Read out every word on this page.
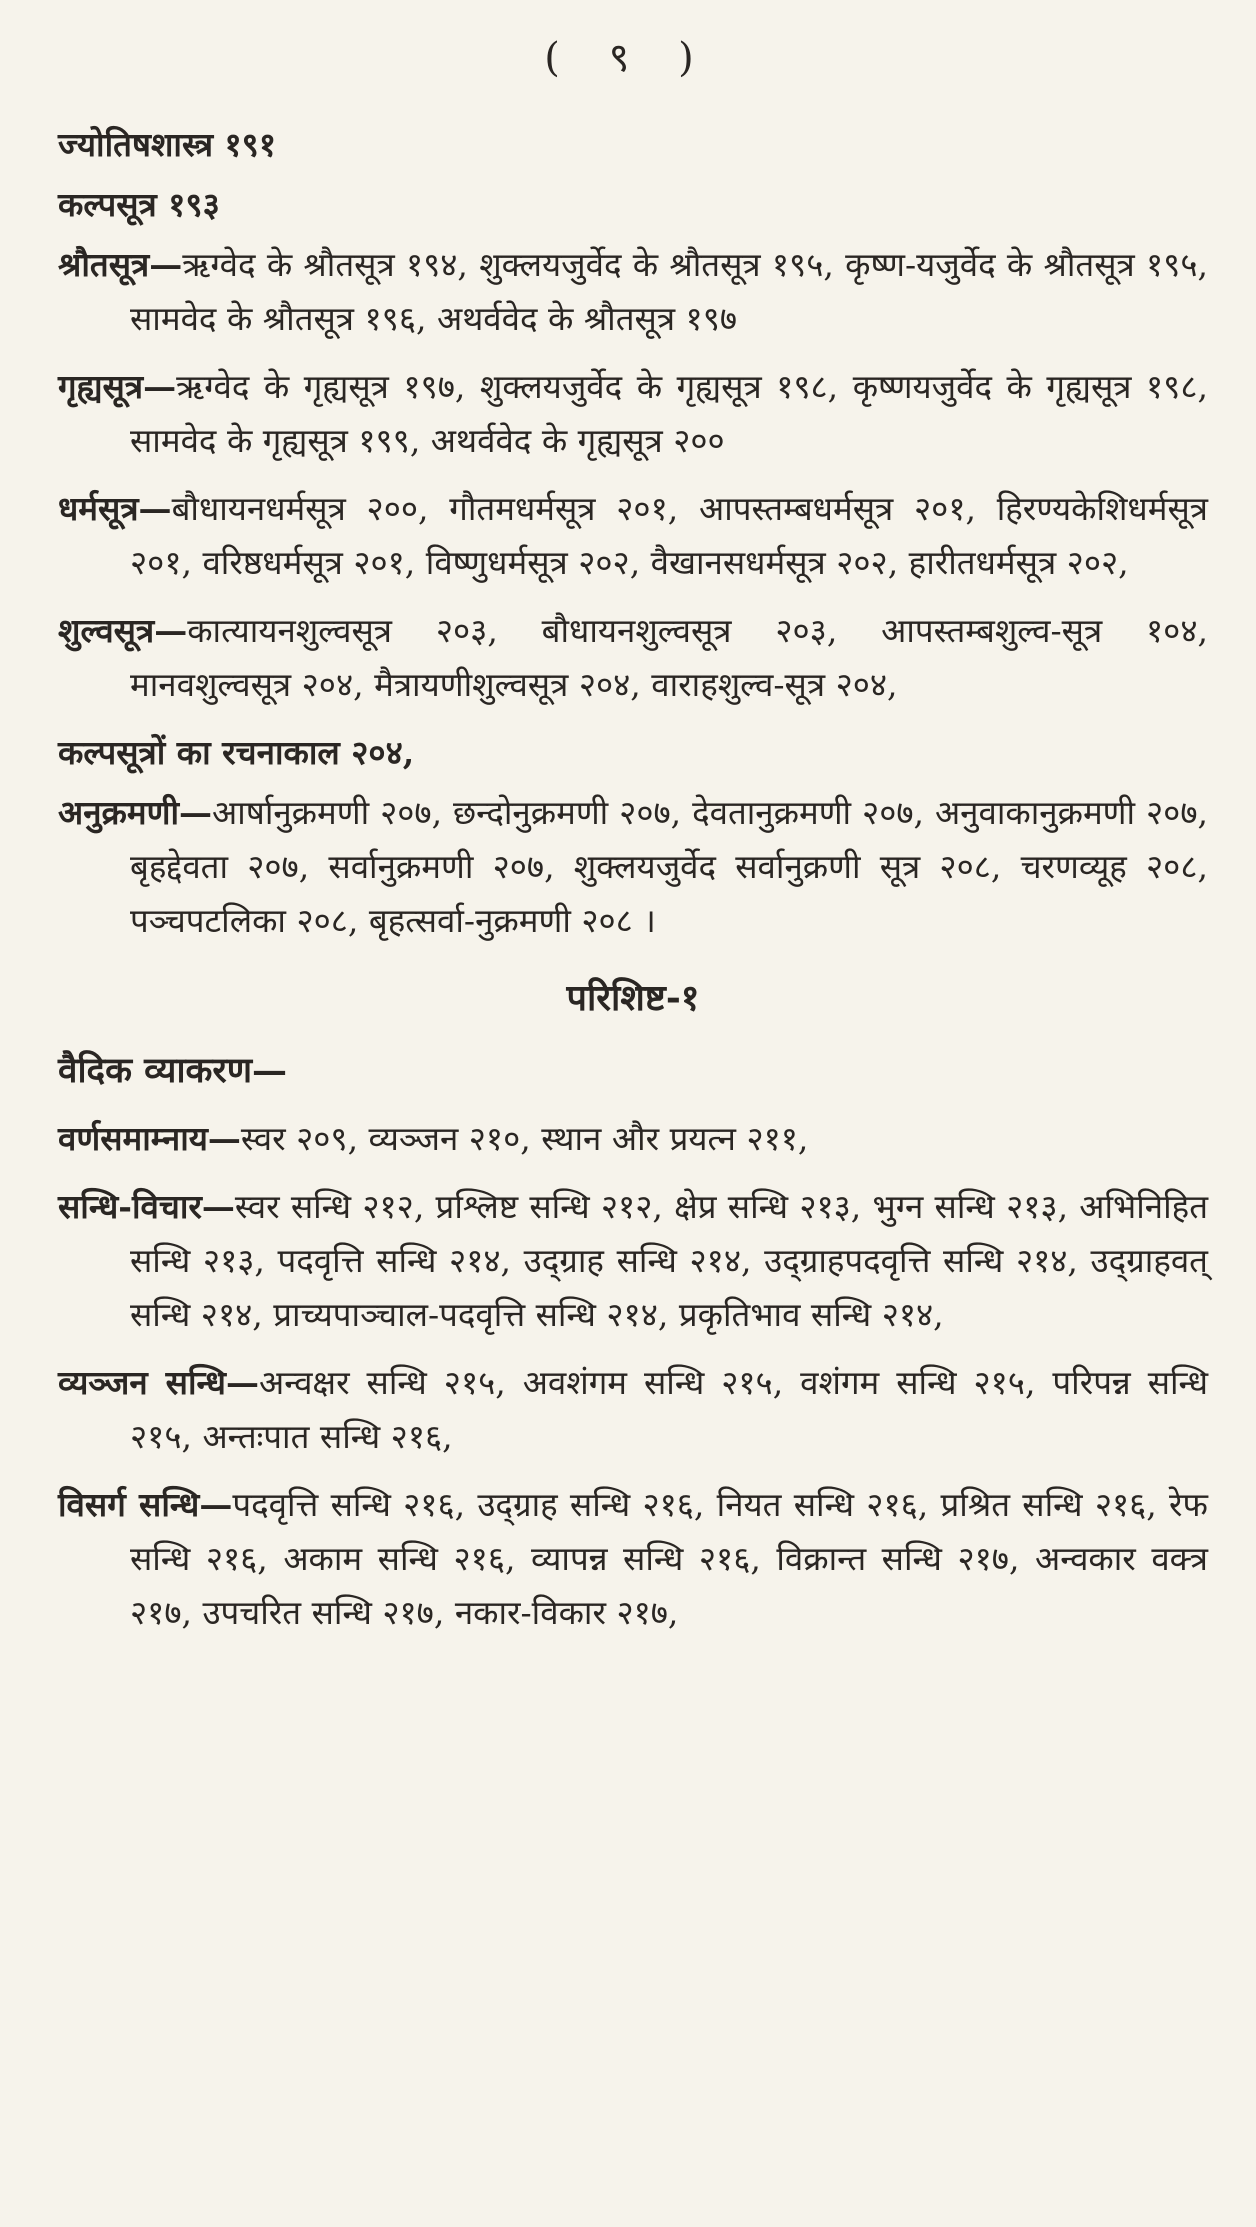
( ९ )
ज्योतिषशास्त्र १९१
कल्पसूत्र १९३
श्रौतसूत्र—ऋग्वेद के श्रौतसूत्र १९४, शुक्लयजुर्वेद के श्रौतसूत्र १९५, कृष्ण-यजुर्वेद के श्रौतसूत्र १९५, सामवेद के श्रौतसूत्र १९६, अथर्ववेद के श्रौतसूत्र १९७
गृह्यसूत्र—ऋग्वेद के गृह्यसूत्र १९७, शुक्लयजुर्वेद के गृह्यसूत्र १९८, कृष्णयजुर्वेद के गृह्यसूत्र १९८, सामवेद के गृह्यसूत्र १९९, अथर्ववेद के गृह्यसूत्र २००
धर्मसूत्र—बौधायनधर्मसूत्र २००, गौतमधर्मसूत्र २०१, आपस्तम्बधर्मसूत्र २०१, हिरण्यकेशिधर्मसूत्र २०१, वरिष्ठधर्मसूत्र २०१, विष्णुधर्मसूत्र २०२, वैखानसधर्मसूत्र २०२, हारीतधर्मसूत्र २०२,
शुल्वसूत्र—कात्यायनशुल्वसूत्र २०३, बौधायनशुल्वसूत्र २०३, आपस्तम्बशुल्व-सूत्र १०४, मानवशुल्वसूत्र २०४, मैत्रायणीशुल्वसूत्र २०४, वाराहशुल्व-सूत्र २०४,
कल्पसूत्रों का रचनाकाल २०४,
अनुक्रमणी—आर्षानुक्रमणी २०७, छन्दोनुक्रमणी २०७, देवतानुक्रमणी २०७, अनुवाकानुक्रमणी २०७, बृहद्देवता २०७, सर्वानुक्रमणी २०७, शुक्लयजुर्वेद सर्वानुक्रणी सूत्र २०८, चरणव्यूह २०८, पञ्चपटलिका २०८, बृहत्सर्वा-नुक्रमणी २०८ ।
परिशिष्ट-१
वैदिक व्याकरण—
वर्णसमाम्नाय—स्वर २०९, व्यञ्जन २१०, स्थान और प्रयत्न २११,
सन्धि-विचार—स्वर सन्धि २१२, प्रश्लिष्ट सन्धि २१२, क्षेप्र सन्धि २१३, भुग्न सन्धि २१३, अभिनिहित सन्धि २१३, पदवृत्ति सन्धि २१४, उद्ग्राह सन्धि २१४, उद्ग्राहपदवृत्ति सन्धि २१४, उद्ग्राहवत् सन्धि २१४, प्राच्यपाञ्चाल-पदवृत्ति सन्धि २१४, प्रकृतिभाव सन्धि २१४,
व्यञ्जन सन्धि—अन्वक्षर सन्धि २१५, अवशंगम सन्धि २१५, वशंगम सन्धि २१५, परिपन्न सन्धि २१५, अन्तःपात सन्धि २१६,
विसर्ग सन्धि—पदवृत्ति सन्धि २१६, उद्ग्राह सन्धि २१६, नियत सन्धि २१६, प्रश्रित सन्धि २१६, रेफ सन्धि २१६, अकाम सन्धि २१६, व्यापन्न सन्धि २१६, विक्रान्त सन्धि २१७, अन्वकार वक्त्र २१७, उपचरित सन्धि २१७, नकार-विकार २१७,
